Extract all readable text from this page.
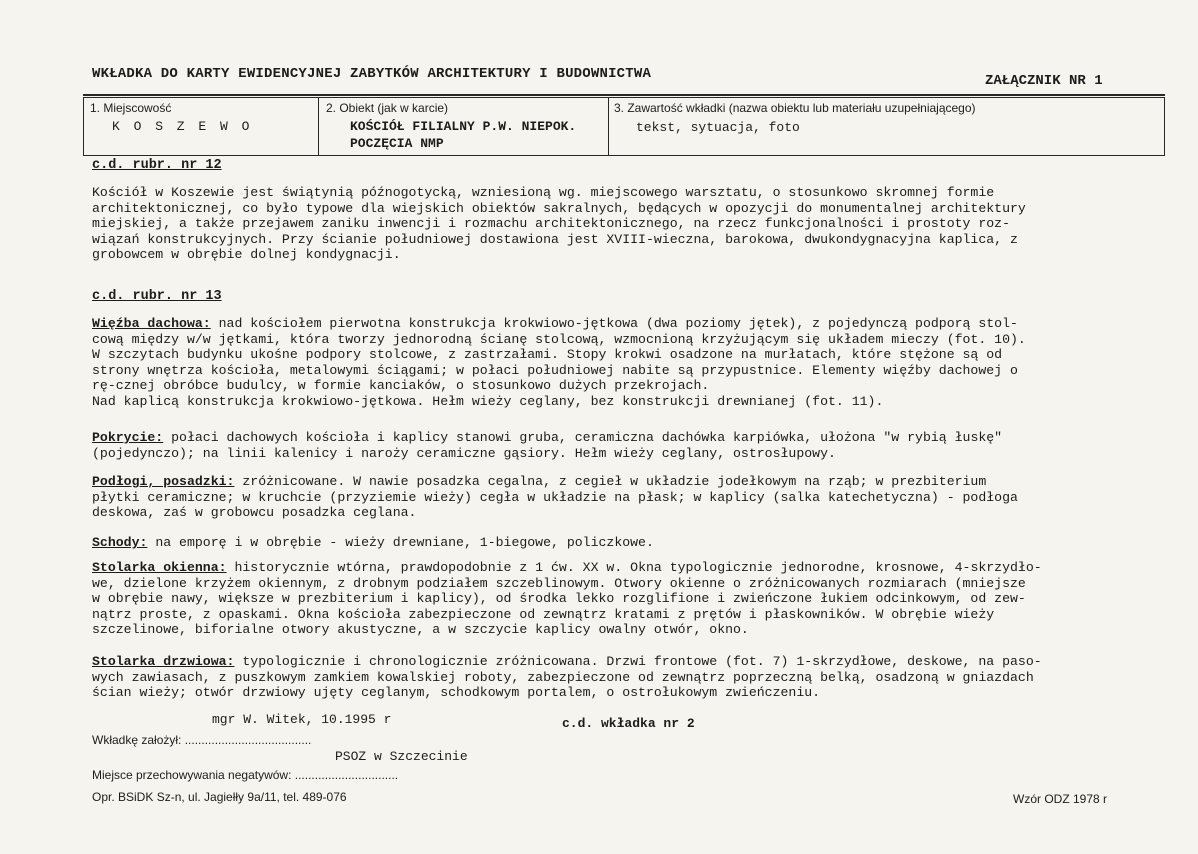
WKŁADKA DO KARTY EWIDENCYJNEJ ZABYTKÓW ARCHITEKTURY I BUDOWNICTWA	ZAŁĄCZNIK NR 1
1. Miejscowość
K O S Z E W O
2. Obiekt (jak w karcie)
KOŚCIÓŁ FILIALNY P.W. NIEPOK.
POCZĘCIA NMP
3. Zawartość wkładki (nazwa obiektu lub materiału uzupełniającego)
tekst, sytuacja, foto
c.d. rubr. nr 12
Kościół w Koszewie jest świątynią późnogotycką, wzniesioną wg. miejscowego warsztatu, o stosunkowo skromnej formie
architektonicznej, co było typowe dla wiejskich obiektów sakralnych, będących w opozycji do monumentalnej architektury
miejskiej, a także przejawem zaniku inwencji i rozmachu architektonicznego, na rzecz funkcjonalności i prostoty roz-
wiązań konstrukcyjnych. Przy ścianie południowej dostawiona jest XVIII-wieczna, barokowa, dwukondygnacyjna kaplica, z
grobowcem w obrębie dolnej kondygnacji.
c.d. rubr. nr 13
Więźba dachowa: nad kościołem pierwotna konstrukcja krokwiowo-jętkowa (dwa poziomy jętek), z pojedynczą podporą stol-
cową między w/w jętkami, która tworzy jednorodną ścianę stolcową, wzmocnioną krzyżującym się układem mieczy (fot. 10).
W szczytach budynku ukośne podpory stolcowe, z zastrzałami. Stopy krokwi osadzone na murłatach, które stężone są od
strony wnętrza kościoła, metalowymi ściągami; w połaci południowej nabite są przypustnice. Elementy więźby dachowej o
rę-cznej obróbce budulcy, w formie kanciaków, o stosunkowo dużych przekrojach.
Nad kaplicą konstrukcja krokwiowo-jętkowa. Hełm wieży ceglany, bez konstrukcji drewnianej (fot. 11).
Pokrycie: połaci dachowych kościoła i kaplicy stanowi gruba, ceramiczna dachówka karpiówka, ułożona "w rybią łuskę"
(pojedynczo); na linii kalenicy i naroży ceramiczne gąsiory. Hełm wieży ceglany, ostrosłupowy.
Podłogi, posadzki: zróżnicowane. W nawie posadzka cegalna, z cegieł w układzie jodełkowym na rząb; w prezbiterium
płytki ceramiczne; w kruchcie (przyziemie wieży) cegła w układzie na płask; w kaplicy (salka katechetyczna) - podłoga
deskowa, zaś w grobowcu posadzka ceglana.
Schody: na emporę i w obrębie - wieży drewniane, 1-biegowe, policzkowe.
Stolarka okienna: historycznie wtórna, prawdopodobnie z 1 ćw. XX w. Okna typologicznie jednorodne, krosnowe, 4-skrzydło-
we, dzielone krzyżem okiennym, z drobnym podziałem szczeblinowym. Otwory okienne o zróżnicowanych rozmiarach (mniejsze
w obrębie nawy, większe w prezbiterium i kaplicy), od środka lekko rozglifione i zwieńczone łukiem odcinkowym, od zew-
nątrz proste, z opaskami. Okna kościoła zabezpieczone od zewnątrz kratami z prętów i płaskowników. W obrębie wieży
szczelinowe, biforialne otwory akustyczne, a w szczycie kaplicy owalny otwór, okno.
Stolarka drzwiowa: typologicznie i chronologicznie zróżnicowana. Drzwi frontowe (fot. 7) 1-skrzydłowe, deskowe, na paso-
wych zawiasach, z puszkowym zamkiem kowalskiej roboty, zabezpieczone od zewnątrz poprzeczną belką, osadzoną w gniazdach
ścian wieży; otwór drzwiowy ujęty ceglanym, schodkowym portalem, o ostrołukowym zwieńczeniu.
mgr W. Witek, 10.1995 r
Wkładkę założył: ......................................
c.d. wkładka nr 2
PSOZ w Szczecinie
Miejsce przechowywania negatywów: ...............................
Opr. BSiDK Sz-n, ul. Jagiełły 9a/11, tel. 489-076	Wzór ODZ 1978 r
